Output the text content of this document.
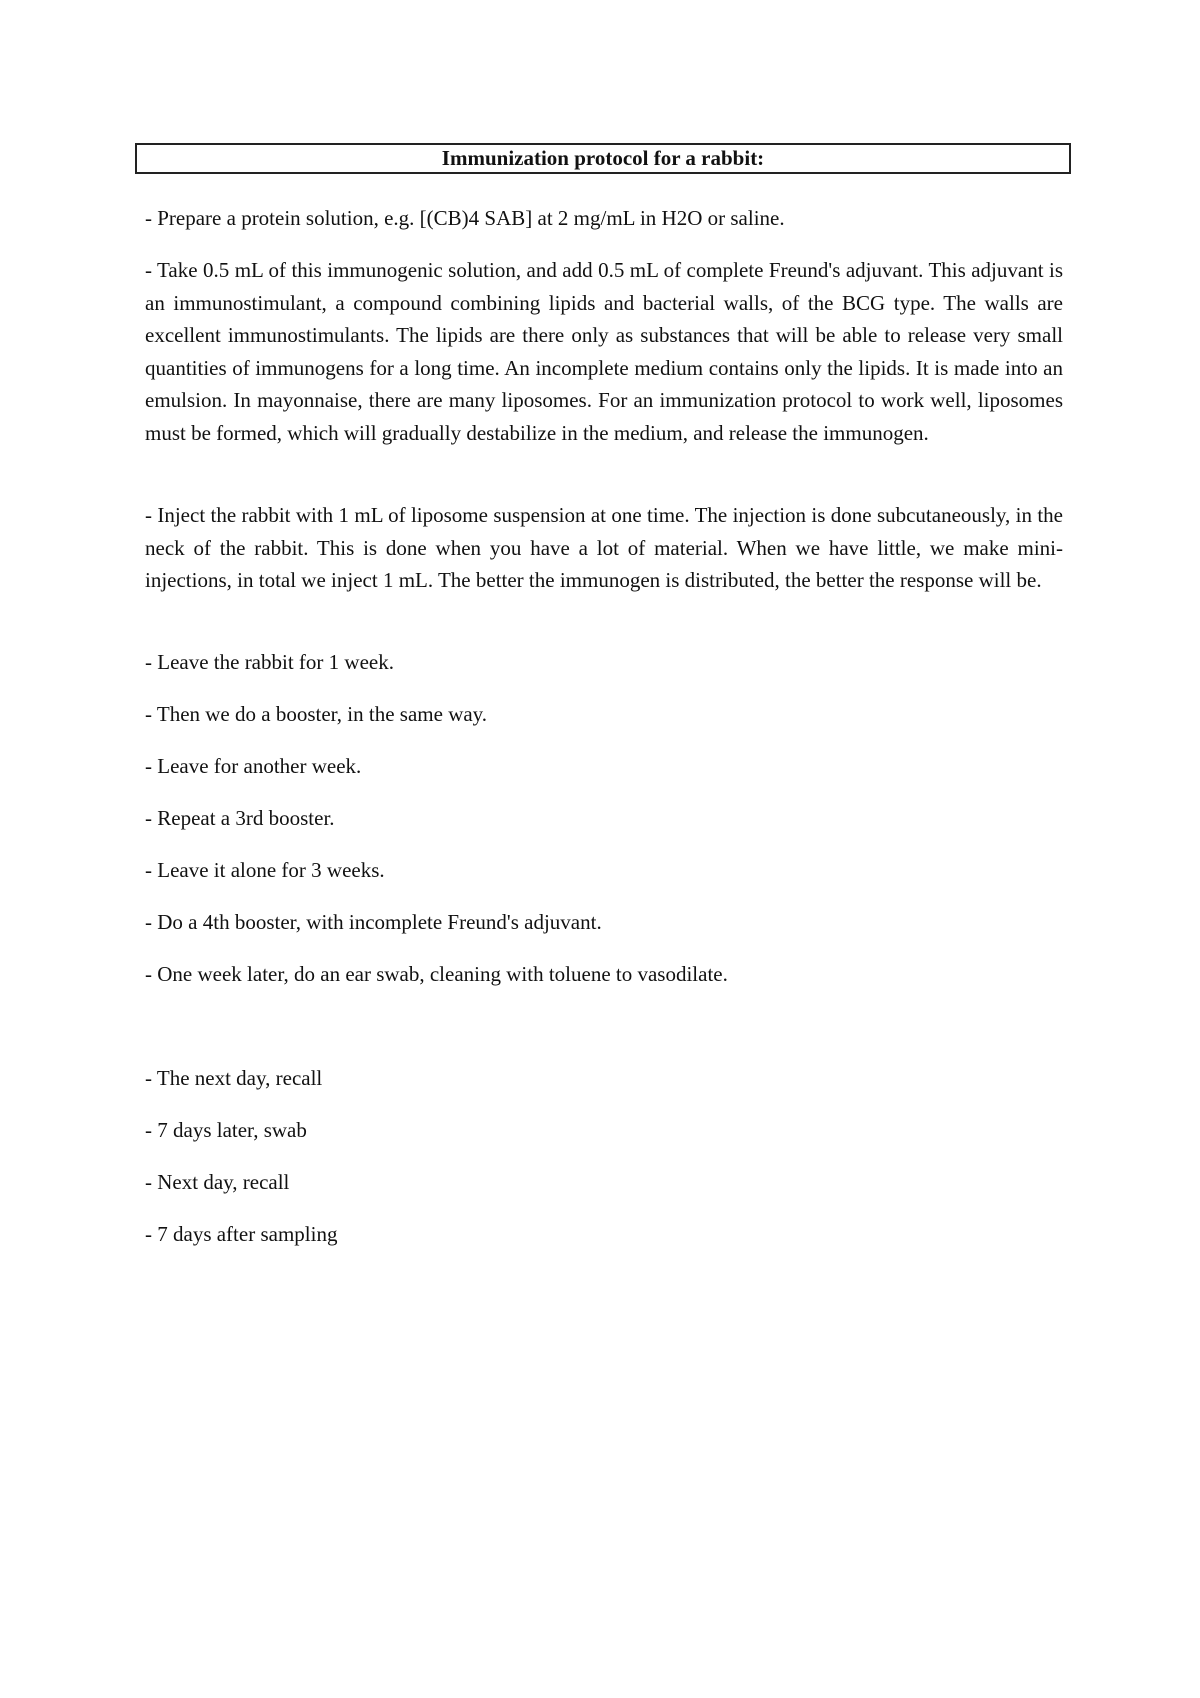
Immunization protocol for a rabbit:

- Prepare a protein solution, e.g. [(CB)4 SAB] at 2 mg/mL in H2O or saline.

- Take 0.5 mL of this immunogenic solution, and add 0.5 mL of complete Freund's adjuvant. This adjuvant is an immunostimulant, a compound combining lipids and bacterial walls, of the BCG type. The walls are excellent immunostimulants. The lipids are there only as substances that will be able to release very small quantities of immunogens for a long time. An incomplete medium contains only the lipids. It is made into an emulsion. In mayonnaise, there are many liposomes. For an immunization protocol to work well, liposomes must be formed, which will gradually destabilize in the medium, and release the immunogen.

- Inject the rabbit with 1 mL of liposome suspension at one time. The injection is done subcutaneously, in the neck of the rabbit. This is done when you have a lot of material. When we have little, we make mini-injections, in total we inject 1 mL. The better the immunogen is distributed, the better the response will be.

- Leave the rabbit for 1 week.

- Then we do a booster, in the same way.

- Leave for another week.

- Repeat a 3rd booster.

- Leave it alone for 3 weeks.

- Do a 4th booster, with incomplete Freund's adjuvant.

- One week later, do an ear swab, cleaning with toluene to vasodilate.

- The next day, recall

- 7 days later, swab

- Next day, recall

- 7 days after sampling
